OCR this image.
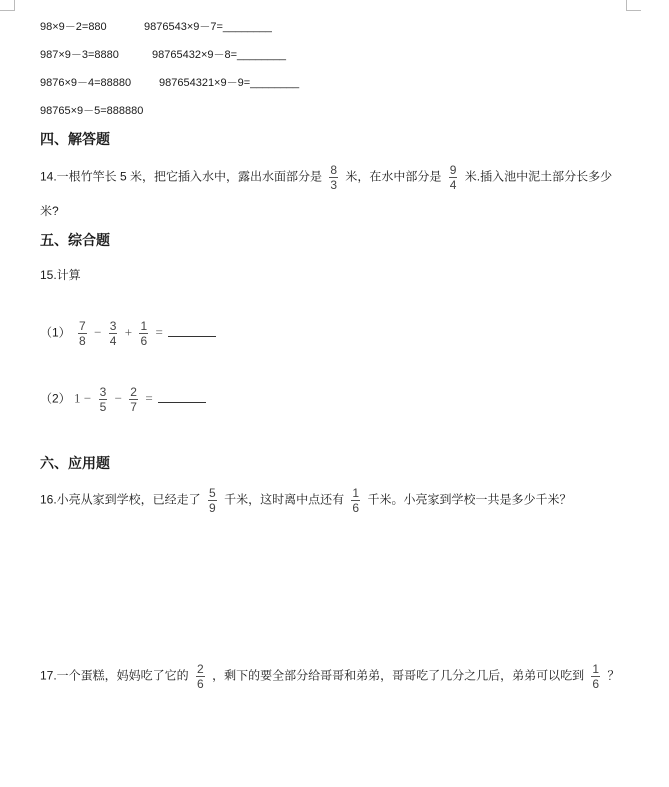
98×9－2=880	9876543×9－7=________
987×9－3=8880	98765432×9－8=________
9876×9－4=88880	987654321×9－9=________
98765×9－5=888880
四、解答题
14.一根竹竿长 5 米，把它插入水中，露出水面部分是 $\frac{8}{3}$ 米，在水中部分是 $\frac{9}{4}$ 米.插入池中泥土部分长多少
米?
五、综合题
15.计算
$(1) \frac{7}{8} - \frac{3}{4} + \frac{1}{6}$ =
（2） $1 - \frac{3}{5} - \frac{2}{7}$ =
六、应用题
16.小亮从家到学校，已经走了 $\frac{5}{9}$ 千米，这时离中点还有 $\frac{1}{6}$ 千米。小亮家到学校一共是多少千米？
17.一个蛋糕，妈妈吃了它的 $\frac{2}{6}$ ，剩下的要全部分给哥哥和弟弟，哥哥吃了几分之几后，弟弟可以吃到 $\frac{1}{6}$ ？
